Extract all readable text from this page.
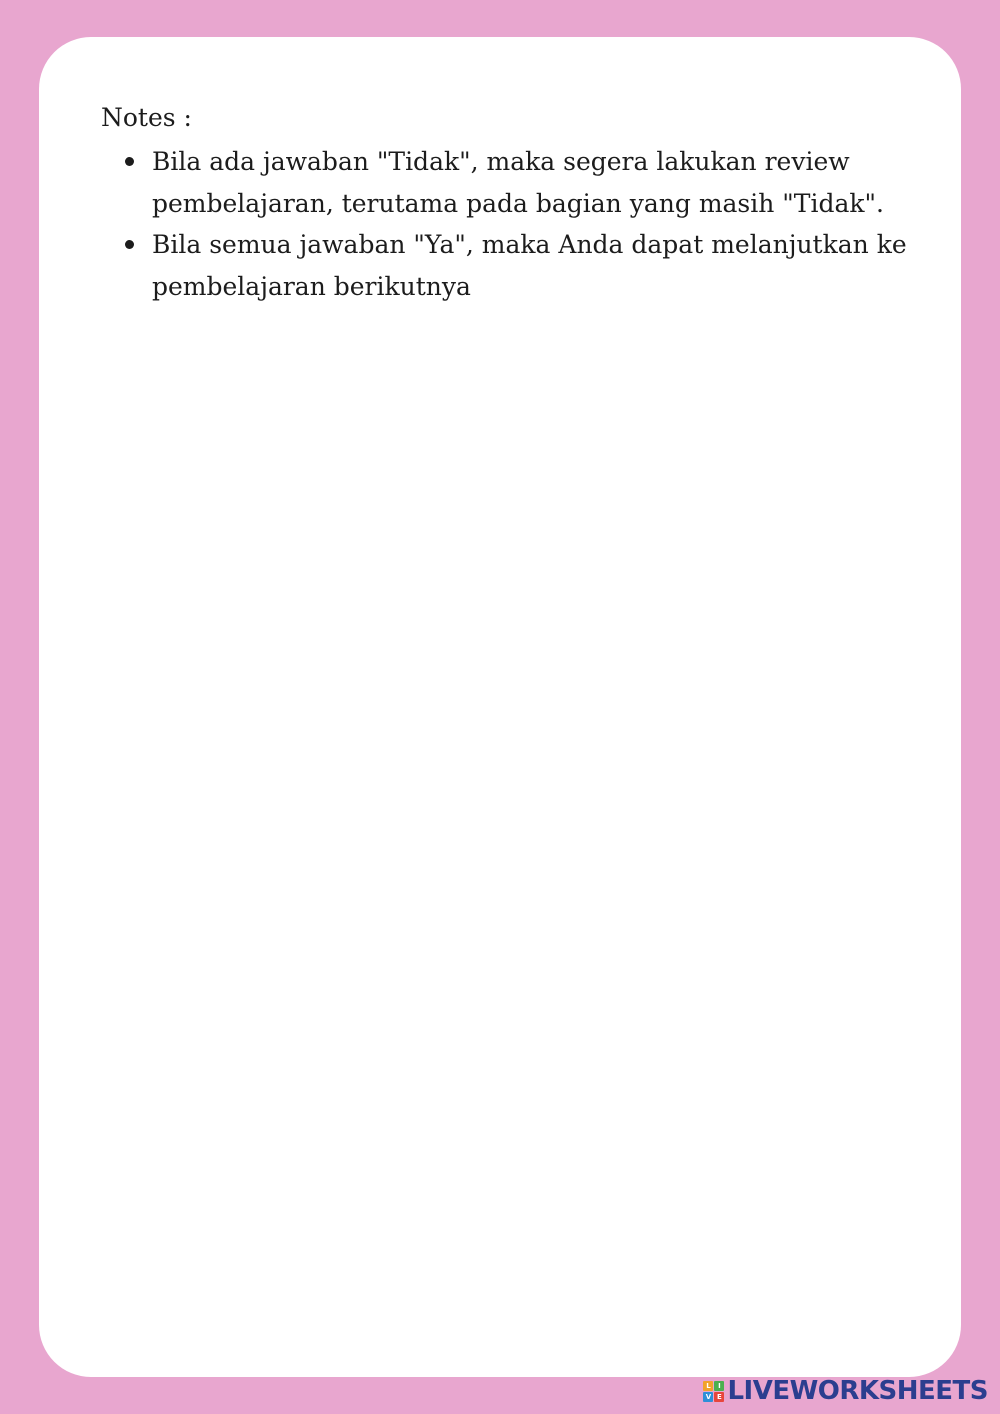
Notes :

Bila ada jawaban "Tidak", maka segera lakukan review pembelajaran, terutama pada bagian yang masih "Tidak".
Bila semua jawaban "Ya", maka Anda dapat melanjutkan ke pembelajaran berikutnya
L	I
V E LIVEWORKSHEETS
